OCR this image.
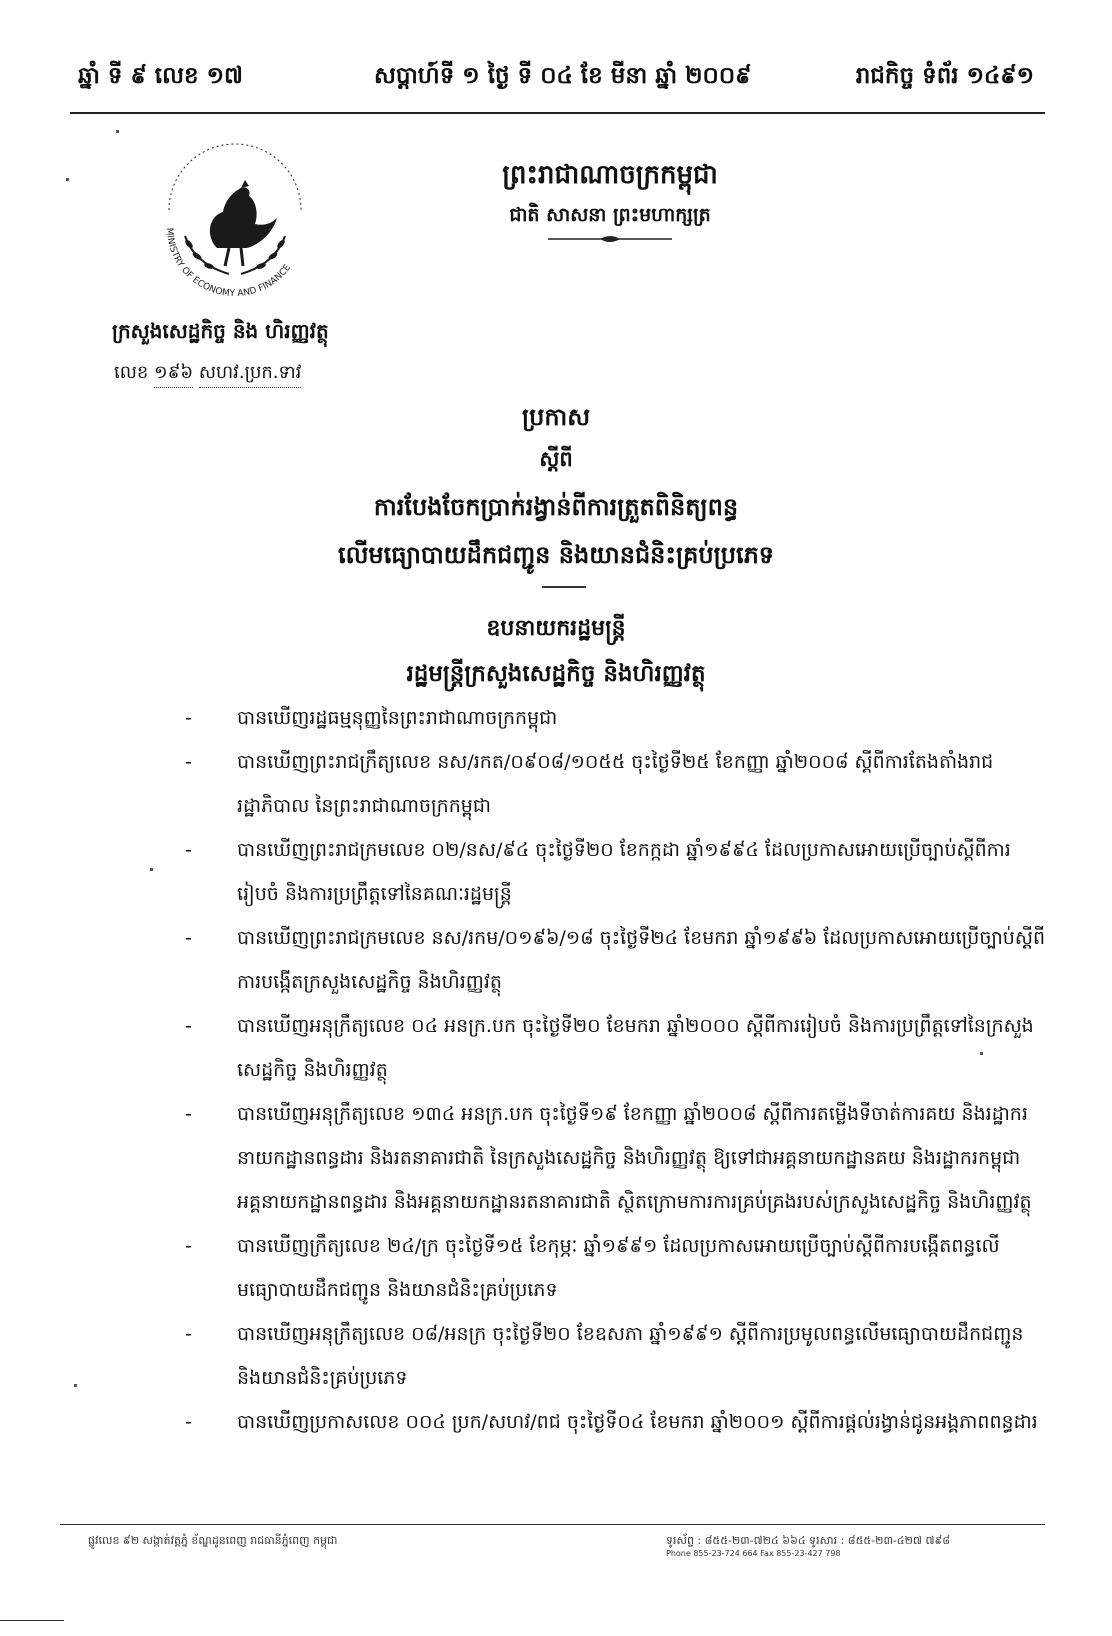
ឆ្នាំ ទី ៩ លេខ ១៧	សប្តាហ៍ទី ១ ថ្ងៃ ទី ០៤ ខែ មីនា ឆ្នាំ ២០០៩	រាជកិច្ច ទំព័រ ១៤៩១
ព្រះរាជាណាចក្រកម្ពុជា
ជាតិ សាសនា ព្រះមហាក្សត្រ
MINISTRY OF ECONOMY AND FINANCE
ក្រសួងសេដ្ឋកិច្ច និង ហិរញ្ញវត្ថុ
លេខ ១៩៦ សហវ.ប្រក.ទាវ
ប្រកាស
ស្តីពី
ការបែងចែកប្រាក់រង្វាន់ពីការត្រួតពិនិត្យពន្ធ
លើមធ្យោបាយដឹកជញ្ជូន និងយានជំនិះគ្រប់ប្រភេទ
ឧបនាយករដ្ឋមន្ត្រី
រដ្ឋមន្ត្រីក្រសួងសេដ្ឋកិច្ច និងហិរញ្ញវត្ថុ
- បានឃើញរដ្ឋធម្មនុញ្ញនៃព្រះរាជាណាចក្រកម្ពុជា
- បានឃើញព្រះរាជក្រឹត្យលេខ នស/រកត/០៩០៨/១០៥៥ ចុះថ្ងៃទី២៥ ខែកញ្ញា ឆ្នាំ២០០៨ ស្តីពីការតែងតាំងរាជរដ្ឋាភិបាល នៃព្រះរាជាណាចក្រកម្ពុជា
- បានឃើញព្រះរាជក្រមលេខ ០២/នស/៩៤ ចុះថ្ងៃទី២០ ខែកក្កដា ឆ្នាំ១៩៩៤ ដែលប្រកាសអោយប្រើច្បាប់ស្តីពីការរៀបចំ និងការប្រព្រឹត្តទៅនៃគណៈរដ្ឋមន្ត្រី
- បានឃើញព្រះរាជក្រមលេខ នស/រកម/០១៩៦/១៨ ចុះថ្ងៃទី២៤ ខែមករា ឆ្នាំ១៩៩៦ ដែលប្រកាសអោយប្រើច្បាប់ស្តីពីការបង្កើតក្រសួងសេដ្ឋកិច្ច និងហិរញ្ញវត្ថុ
- បានឃើញអនុក្រឹត្យលេខ ០៤ អនក្រ.បក ចុះថ្ងៃទី២០ ខែមករា ឆ្នាំ២០០០ ស្តីពីការរៀបចំ និងការប្រព្រឹត្តទៅនៃក្រសួងសេដ្ឋកិច្ច និងហិរញ្ញវត្ថុ
- បានឃើញអនុក្រឹត្យលេខ ១៣៤ អនក្រ.បក ចុះថ្ងៃទី១៩ ខែកញ្ញា ឆ្នាំ២០០៨ ស្តីពីការតម្លើងទីចាត់ការគយ និងរដ្ឋាករ នាយកដ្ឋានពន្ធដារ និងរតនាគារជាតិ នៃក្រសួងសេដ្ឋកិច្ច និងហិរញ្ញវត្ថុ ឱ្យទៅជាអគ្គនាយកដ្ឋានគយ និងរដ្ឋាករកម្ពុជា អគ្គនាយកដ្ឋានពន្ធដារ និងអគ្គនាយកដ្ឋានរតនាគារជាតិ ស្ថិតក្រោមការការគ្រប់គ្រងរបស់ក្រសួងសេដ្ឋកិច្ច និងហិរញ្ញវត្ថុ
- បានឃើញក្រឹត្យលេខ ២៤/ក្រ ចុះថ្ងៃទី១៥ ខែកុម្ភៈ ឆ្នាំ១៩៩១ ដែលប្រកាសអោយប្រើច្បាប់ស្តីពីការបង្កើតពន្ធលើមធ្យោបាយដឹកជញ្ជូន និងយានជំនិះគ្រប់ប្រភេទ
- បានឃើញអនុក្រឹត្យលេខ ០៨/អនក្រ ចុះថ្ងៃទី២០ ខែឧសភា ឆ្នាំ១៩៩១ ស្តីពីការប្រមូលពន្ធលើមធ្យោបាយដឹកជញ្ជូន និងយានជំនិះគ្រប់ប្រភេទ
- បានឃើញប្រកាសលេខ ០០៤ ប្រក/សហវ/ពជ ចុះថ្ងៃទី០៤ ខែមករា ឆ្នាំ២០០១ ស្តីពីការផ្តល់រង្វាន់ជូនអង្គភាពពន្ធដារ
ផ្លូវលេខ ៩២ សង្កាត់វត្តភ្នំ ខ័ណ្ឌដូនពេញ រាជធានីភ្នំពេញ កម្ពុជា	ទូរស័ព្ទ : ៨៥៥-២៣-៧២៤ ៦៦៤ ទូរសារ : ៨៥៥-២៣-៤២៧ ៧៩៨
Phone 855-23-724 664 Fax 855-23-427 798
